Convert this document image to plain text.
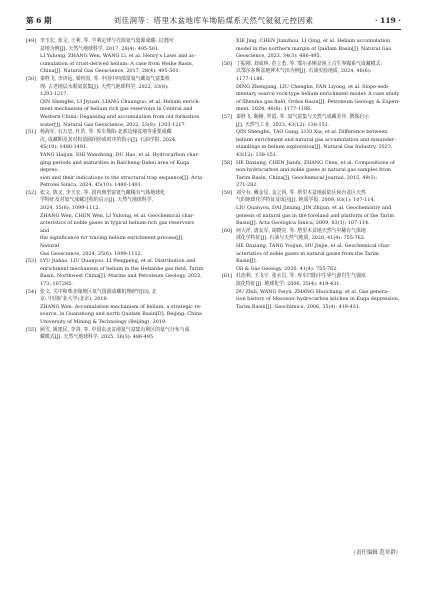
第 6 期	刘佳润等：塔里木盆地库车坳陷煤系天然气氦氦元控因素	· 119 ·
[49] 李玉宏, 张文, 王利, 等. 亨利定律与壳源氦气弱源成藏: 以渭河

盆地为例[J]. 天然气地球科学, 2017, 28(4): 495-501.

LI Yuhong, ZHANG Wen, WANG Li, et al. Henry's Laws and ac-

cumulation of crust-derived helium: A case from Weihe Basin,

China[J]. Natural Gas Geoscience, 2017, 28(4): 495-501.

[50] 秦胜飞, 李济远, 梁传国, 等. 中国中西部富氦气藏氦气富集机

理: 古老地层水脱氦富集[J]. 天然气地球科学, 2022, 33(8):

1203-1217.

QIN Shengfei, LI Jiyuan, LIANG Chuanguo, et al. Helium enrich-

ment mechanism of helium rich gas reservoirs in Central and

Western China: Degassing and accumulation from old formation

water[J]. Natural Gas Geoscience, 2022, 33(8): 1203-1217.

[51] 杨海军, 石万忠, 杜浩, 等. 库车坳陷-北部边缘盆地等重要成藏

次, 成藏期及其对构造圈闭形成时序的指示[J]. 石油学报, 2024,

45(10): 1480-1491.

YANG Haijun, SHI Wanzhong, DU Hao, et al. Hydrocarbon char-

ging periods and maturities in Baicheng-Dabei area of Kuqa depres-

sion and their indications to the structural trap sequence[J]. Acta

Petrolei Sinica, 2024, 45(10): 1480-1491.

[52] 张文, 陈又, 李玉宏, 等. 国内典型富氦气藏稀有气体地球化

学特征及对氦气成藏过程的启示[J]. 天然气地球科学,

2024, 35(6): 1099-1112.

ZHANG Wen, CHEN Wen, LI Yuhong, et al. Geochemical char-

acteristics of noble gases in typical helium-rich gas reservoirs and

the significance for tracing helium enrichment process[J]. Natural

Gas Geoscience, 2024, 35(6): 1099-1112.

[53] LYU Jiahao, LIU Quanyou, LI Pengpeng, et al. Distribution and

enrichment mechanism of helium in the Hetianhe gas field, Tarim

Basin, Northwest China[J]. Marine and Petroleum Geology, 2023,

173: 107285.

[54] 张文. 关中和柴北缘地区氦气资源成藏机理研究[D]. 北

京: 中国矿业大学(北京), 2019.

ZHANG Wen. Accumulation mechanism of helium, a strategic re-

source, in Guanzhong and north Qaidam Basin[D]. Beijing: China

University of Mining & Technology (Beijing), 2019.

[55] 顾雪, 姚建民, 李剑, 等. 中国东北盆地氦气富集有利区的氦气分布与成

藏模式[J]. 天然气地球科学, 2025, 36(3): 486-495.

XIE Jing, CHEN Jianzhou, LI Qing, et al. Helium accumulation

model in the northern margin of Qaidam Basin[J]. Natural Gas

Geoscience, 2023, 34(3): 486-495.

[56] 丁振刚, 刘成林, 范立勇, 等. 鄂尔多斯盆地上古生界煤系气成藏模式:

以鄂尔多斯盆地神木气田为例[J]. 石油实验地质, 2024, 46(6):

1177-1186.

DING Zhengang, LIU Chenglin, FAN Liyong, et al. Slope-sedi-

mentary source rock-type helium enrichment model: A case study

of Shenmu gas field, Ordos Basin[J]. Petroleum Geology & Experi-

ment, 2024, 46(6): 1177-1186.

[57] 秦胜飞, 陶刚, 罗霞, 等. 氦气富集与天然气成藏差异, 鹊探启示

[J]. 天然气工业, 2023, 43(12): 138-151.

QIN Shengfei, TAO Gang, LUO Xia, et al. Difference between

helium enrichment and natural gas accumulation and misunder-

standings in helium exploration[J]. Natural Gas Industry, 2023,

43(12): 138-151.

[58] HE Daxiang, CHEN Jianfa, ZHANG Chen, et al. Compositions of

non-hydrocarbon and noble gases in natural gas samples from

Tarim Basin, China[J]. Geochemical Journal, 2015, 49(3):

271-282.

[59] 刘全有, 戴金星, 金之钧, 等. 塔里木盆地前陆区和台盆区天然

气的地球化学特征及成因[J]. 地质学报, 2009, 83(1): 107-114.

LIU Quanyou, DAI Jinxing, JIN Zhijun, et al. Geochemistry and

genesis of natural gas in the foreland and platform of the Tarim

Basin[J]. Acta Geologica Sinica, 2009, 83(1): 107-114.

[60] 何大祥, 唐友军, 胡晓亮, 等. 塔里木盆地天然气中稀有气体地

球化学特征[J]. 石油与天然气地质, 2020, 41(4): 755-762.

HE Daxiang, TANG Youjun, HU Jinjie, et al. Geochemical char-

acteristics of noble gases in natural gases from the Tarim Basin[J].

Oil & Gas Geology, 2020, 41(4): 755-762.

[61] 杜治利, 王飞宇, 张水昌, 等. 库车凹陷中生界气源岩生气强度

演化特征[J]. 地球化学, 2006, 35(4): 419-431.

DU Zhili, WANG Feiyu, ZHANG Shuichang, et al. Gas genera-

tion history of Mesozoic hydrocarbon kitchen in Kuqa depression,

Tarim Basin[J]. Geochimica, 2006, 35(4): 419-431.

（责任编辑 范章群）
